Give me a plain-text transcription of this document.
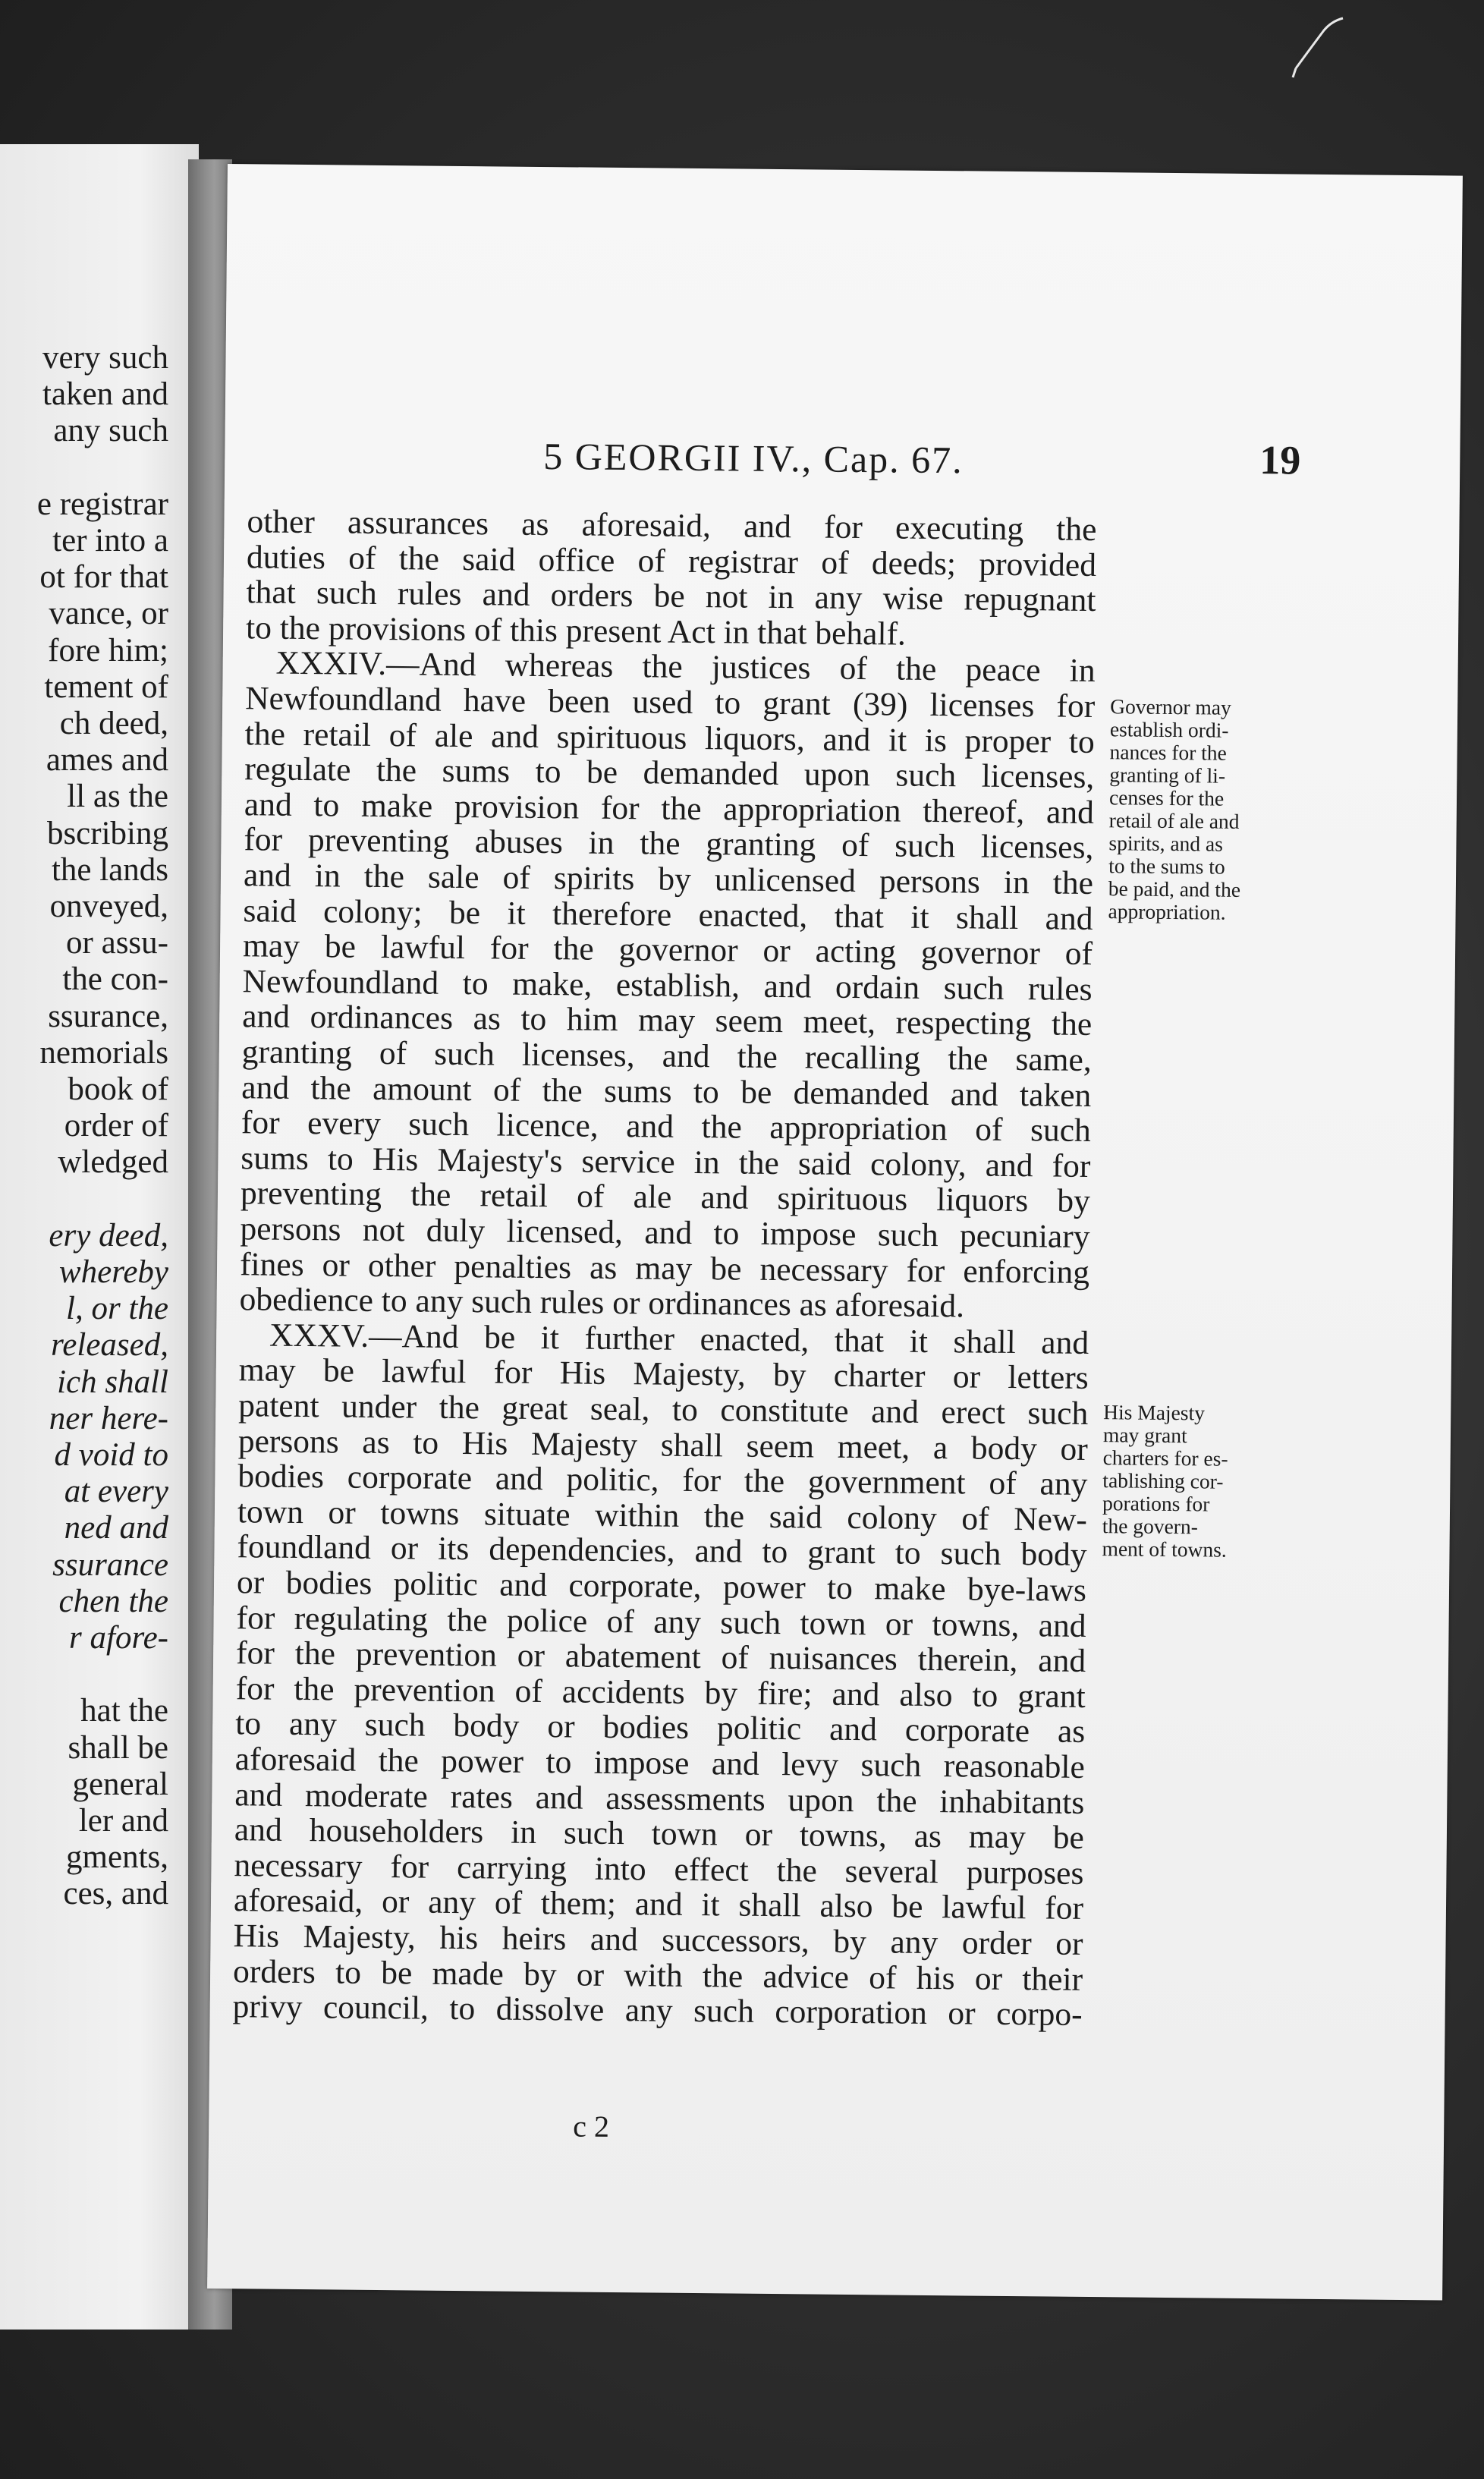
very such
taken and
any such
e registrar
ter into a
ot for that
vance, or
fore him;
tement of
ch deed,
ames and
ll as the
bscribing
the lands
onveyed,
or assu-
the con-
ssurance,
nemorials
book of
order of
wledged
ery deed,
whereby
l, or the
released,
ich shall
ner here-
d void to
at every
ned and
ssurance
chen the
r afore-
hat the
shall be
general
ler and
gments,
ces, and
5 GEORGII IV., Cap. 67.	19
c 2
other assurances as aforesaid, and for executing the
duties of the said office of registrar of deeds; provided
that such rules and orders be not in any wise repugnant
to the provisions of this present Act in that behalf.
XXXIV.—And whereas the justices of the peace in
Newfoundland have been used to grant (39) licenses for
the retail of ale and spirituous liquors, and it is proper to
regulate the sums to be demanded upon such licenses,
and to make provision for the appropriation thereof, and
for preventing abuses in the granting of such licenses,
and in the sale of spirits by unlicensed persons in the
said colony; be it therefore enacted, that it shall and
may be lawful for the governor or acting governor of
Newfoundland to make, establish, and ordain such rules
and ordinances as to him may seem meet, respecting the
granting of such licenses, and the recalling the same,
and the amount of the sums to be demanded and taken
for every such licence, and the appropriation of such
sums to His Majesty's service in the said colony, and for
preventing the retail of ale and spirituous liquors by
persons not duly licensed, and to impose such pecuniary
fines or other penalties as may be necessary for enforcing
obedience to any such rules or ordinances as aforesaid.
XXXV.—And be it further enacted, that it shall and
may be lawful for His Majesty, by charter or letters
patent under the great seal, to constitute and erect such
persons as to His Majesty shall seem meet, a body or
bodies corporate and politic, for the government of any
town or towns situate within the said colony of New-
foundland or its dependencies, and to grant to such body
or bodies politic and corporate, power to make bye-laws
for regulating the police of any such town or towns, and
for the prevention or abatement of nuisances therein, and
for the prevention of accidents by fire; and also to grant
to any such body or bodies politic and corporate as
aforesaid the power to impose and levy such reasonable
and moderate rates and assessments upon the inhabitants
and householders in such town or towns, as may be
necessary for carrying into effect the several purposes
aforesaid, or any of them; and it shall also be lawful for
His Majesty, his heirs and successors, by any order or
orders to be made by or with the advice of his or their
privy council, to dissolve any such corporation or corpo-
Governor may
establish ordi-
nances for the
granting of li-
censes for the
retail of ale and
spirits, and as
to the sums to
be paid, and the
appropriation.
His Majesty
may grant
charters for es-
tablishing cor-
porations for
the govern-
ment of towns.
